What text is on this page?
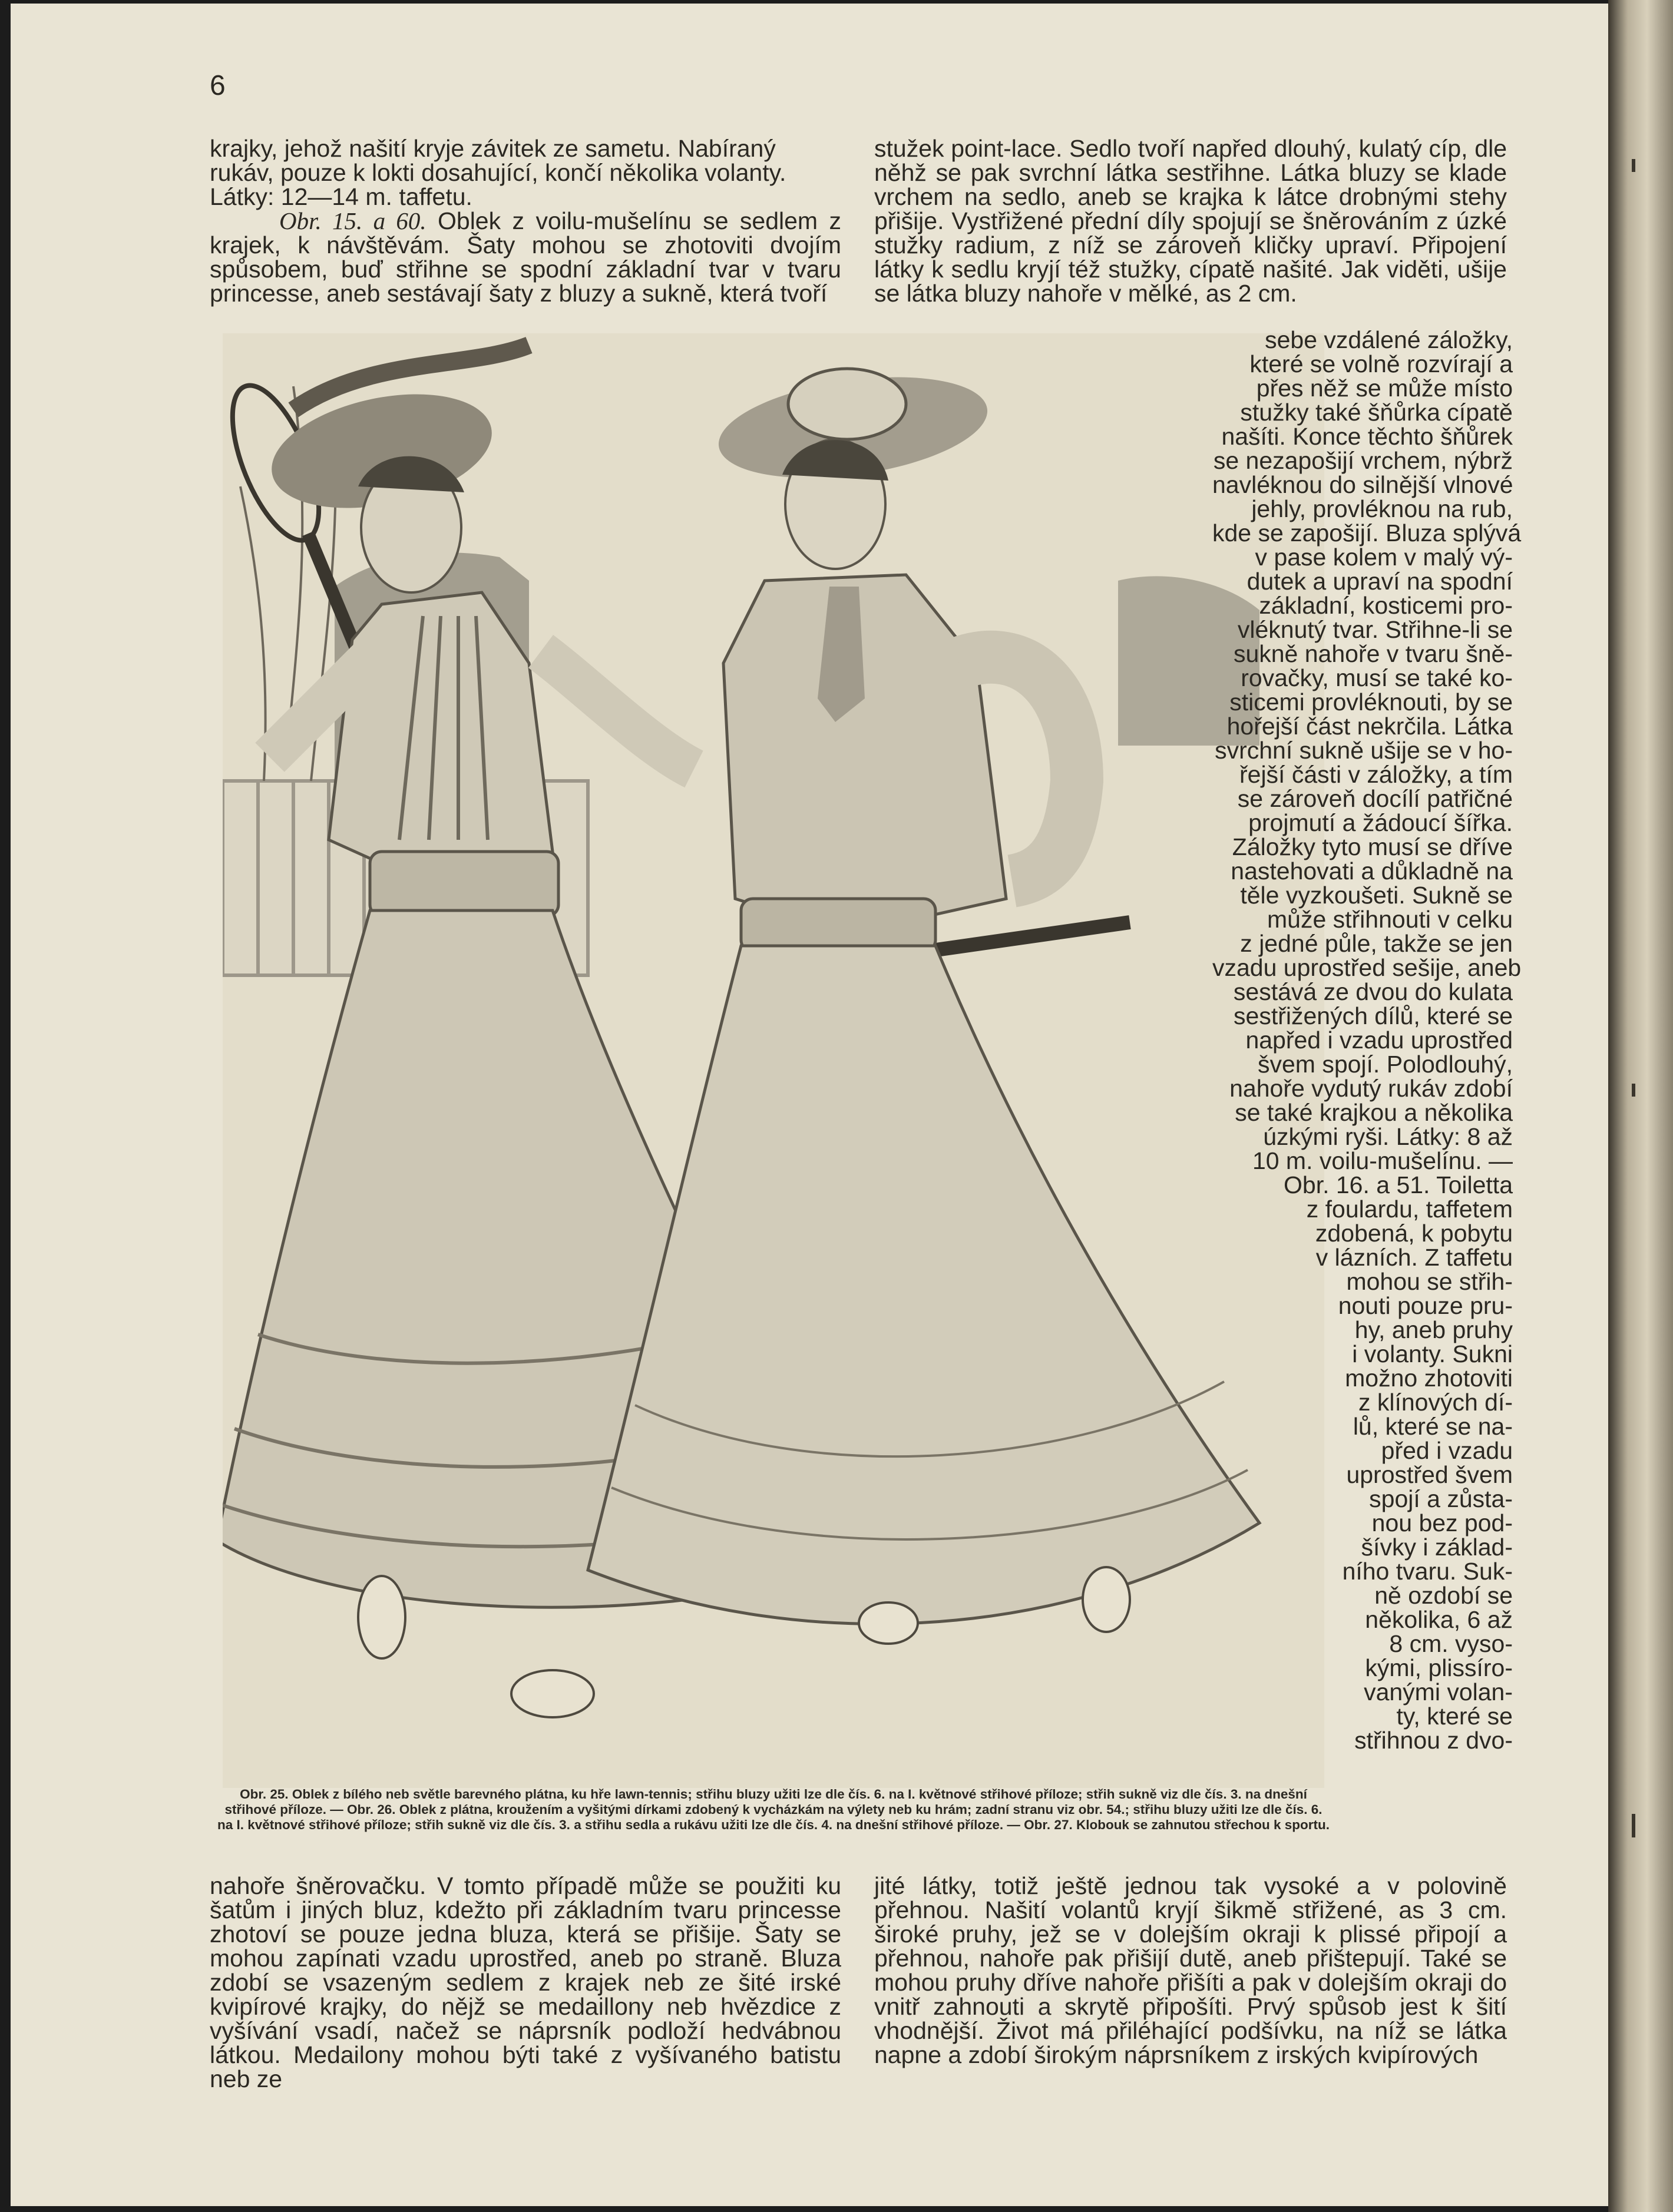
6
krajky, jehož našití kryje závitek ze sametu. Nabíraný
rukáv, pouze k lokti dosahující, končí několika volanty.
Látky: 12—14 m. taffetu.

Obr. 15. a 60. Oblek z voilu-mušelínu se sedlem z krajek, k návštěvám. Šaty mohou se zhotoviti dvojím spůsobem, buď střihne se spodní základní tvar v tvaru princesse, aneb sestávají šaty z bluzy a sukně, která tvoří

stužek point-lace. Sedlo tvoří napřed dlouhý, kulatý cíp, dle něhž se pak svrchní látka sestřihne. Látka bluzy se klade vrchem na sedlo, aneb se krajka k látce drobnými stehy přišije. Vystřižené přední díly spojují se šněrováním z úzké stužky radium, z níž se zároveň kličky upraví. Připojení látky k sedlu kryjí též stužky, cípatě našité. Jak viděti, ušije se látka bluzy nahoře v mělké, as 2 cm.

sebe vzdálené záložky,
které se volně rozvírají a
přes něž se může místo
stužky také šňůrka cípatě
našíti. Konce těchto šňůrek
se nezapošijí vrchem, nýbrž
navléknou do silnější vlnové
jehly, provléknou na rub,
kde se zapošijí. Bluza splývá
v pase kolem v malý vý-
dutek a upraví na spodní
základní, kosticemi pro-
vléknutý tvar. Střihne-li se
sukně nahoře v tvaru šně-
rovačky, musí se také ko-
sticemi provléknouti, by se
hořejší část nekrčila. Látka
svrchní sukně ušije se v ho-
řejší části v záložky, a tím
se zároveň docílí patřičné
projmutí a žádoucí šířka.
Záložky tyto musí se dříve
nastehovati a důkladně na
těle vyzkoušeti. Sukně se
může střihnouti v celku
z jedné půle, takže se jen
vzadu uprostřed sešije, aneb
sestává ze dvou do kulata
sestřižených dílů, které se
napřed i vzadu uprostřed
švem spojí. Polodlouhý,
nahoře vydutý rukáv zdobí
se také krajkou a několika
úzkými ryši. Látky: 8 až
10 m. voilu-mušelínu. —
Obr. 16. a 51. Toiletta
z foulardu, taffetem
zdobená, k pobytu
v lázních. Z taffetu
mohou se střih-
nouti pouze pru-
hy, aneb pruhy
i volanty. Sukni
možno zhotoviti
z klínových dí-
lů, které se na-
před i vzadu
uprostřed švem
spojí a zůsta-
nou bez pod-
šívky i základ-
ního tvaru. Suk-
ně ozdobí se
několika, 6 až
8 cm. vyso-
kými, plissíro-
vanými volan-
ty, které se
střihnou z dvo-
Obr. 25. Oblek z bílého neb světle barevného plátna, ku hře lawn-tennis; střihu bluzy užiti lze dle čís. 6. na I. květnové střihové příloze; střih sukně viz dle čís. 3. na dnešní střihové příloze. — Obr. 26. Oblek z plátna, kroužením a vyšitými dírkami zdobený k vycházkám na výlety neb ku hrám; zadní stranu viz obr. 54.; střihu bluzy užiti lze dle čís. 6. na I. květnové střihové příloze; střih sukně viz dle čís. 3. a střihu sedla a rukávu užiti lze dle čís. 4. na dnešní střihové příloze. — Obr. 27. Klobouk se zahnutou střechou k sportu.

nahoře šněrovačku. V tomto případě může se použiti ku šatům i jiných bluz, kdežto při základním tvaru princesse zhotoví se pouze jedna bluza, která se přišije. Šaty se mohou zapínati vzadu uprostřed, aneb po straně. Bluza zdobí se vsazeným sedlem z krajek neb ze šité irské kvipírové krajky, do nějž se medaillony neb hvězdice z vyšívání vsadí, načež se náprsník podloží hedvábnou látkou. Medailony mohou býti také z vyšívaného batistu neb ze

jité látky, totiž ještě jednou tak vysoké a v polovině přehnou. Našití volantů kryjí šikmě střižené, as 3 cm. široké pruhy, jež se v dolejším okraji k plissé připojí a přehnou, nahoře pak přišijí dutě, aneb přištepují. Také se mohou pruhy dříve nahoře přišíti a pak v dolejším okraji do vnitř zahnouti a skrytě připošíti. Prvý spůsob jest k šití vhodnější. Život má přiléhající podšívku, na níž se látka napne a zdobí širokým náprsníkem z irských kvipírových
